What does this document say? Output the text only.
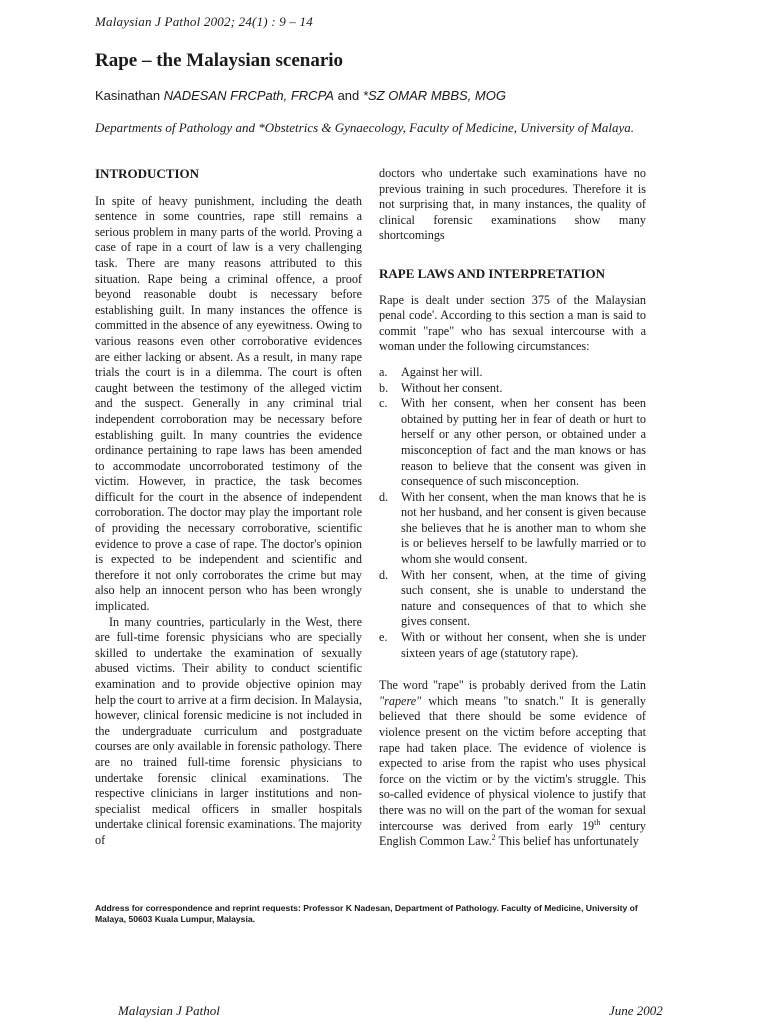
Malaysian J Pathol 2002; 24(1) : 9 – 14
Rape – the Malaysian scenario
Kasinathan NADESAN FRCPath, FRCPA and *SZ OMAR MBBS, MOG
Departments of Pathology and *Obstetrics & Gynaecology, Faculty of Medicine, University of Malaya.
INTRODUCTION

In spite of heavy punishment, including the death sentence in some countries, rape still remains a serious problem in many parts of the world. Proving a case of rape in a court of law is a very challenging task. There are many reasons attributed to this situation. Rape being a criminal offence, a proof beyond reasonable doubt is necessary before establishing guilt. In many instances the offence is committed in the absence of any eyewitness. Owing to various reasons even other corroborative evidences are either lacking or absent. As a result, in many rape trials the court is in a dilemma. The court is often caught between the testimony of the alleged victim and the suspect. Generally in any criminal trial independent corroboration may be necessary before establishing guilt. In many countries the evidence ordinance pertaining to rape laws has been amended to accommodate uncorroborated testimony of the victim. However, in practice, the task becomes difficult for the court in the absence of independent corroboration. The doctor may play the important role of providing the necessary corroborative, scientific evidence to prove a case of rape. The doctor's opinion is expected to be independent and scientific and therefore it not only corroborates the crime but may also help an innocent person who has been wrongly implicated.

In many countries, particularly in the West, there are full-time forensic physicians who are specially skilled to undertake the examination of sexually abused victims. Their ability to conduct scientific examination and to provide objective opinion may help the court to arrive at a firm decision. In Malaysia, however, clinical forensic medicine is not included in the undergraduate curriculum and postgraduate courses are only available in forensic pathology. There are no trained full-time forensic physicians to undertake forensic clinical examinations. The respective clinicians in larger institutions and non-specialist medical officers in smaller hospitals undertake clinical forensic examinations. The majority of

doctors who undertake such examinations have no previous training in such procedures. Therefore it is not surprising that, in many instances, the quality of clinical forensic examinations show many shortcomings

RAPE LAWS AND INTERPRETATION

Rape is dealt under section 375 of the Malaysian penal code'. According to this section a man is said to commit "rape" who has sexual intercourse with a woman under the following circumstances:

a.	Against her will.
b.	Without her consent.
c.	With her consent, when her consent has been obtained by putting her in fear of death or hurt to herself or any other person, or obtained under a misconception of fact and the man knows or has reason to believe that the consent was given in consequence of such misconception.
d.	With her consent, when the man knows that he is not her husband, and her consent is given because she believes that he is another man to whom she is or believes herself to be lawfully married or to whom she would consent.
d.	With her consent, when, at the time of giving such consent, she is unable to understand the nature and consequences of that to which she gives consent.
e.	With or without her consent, when she is under sixteen years of age (statutory rape).

The word "rape" is probably derived from the Latin "rapere" which means "to snatch." It is generally believed that there should be some evidence of violence present on the victim before accepting that rape had taken place. The evidence of violence is expected to arise from the rapist who uses physical force on the victim or by the victim's struggle. This so-called evidence of physical violence to justify that there was no will on the part of the woman for sexual intercourse was derived from early 19th century English Common Law.$^2$ This belief has unfortunately

Address for correspondence and reprint requests: Professor K Nadesan, Department of Pathology. Faculty of Medicine, University of Malaya, 50603 Kuala Lumpur, Malaysia.
Malaysian J Pathol	June 2002
